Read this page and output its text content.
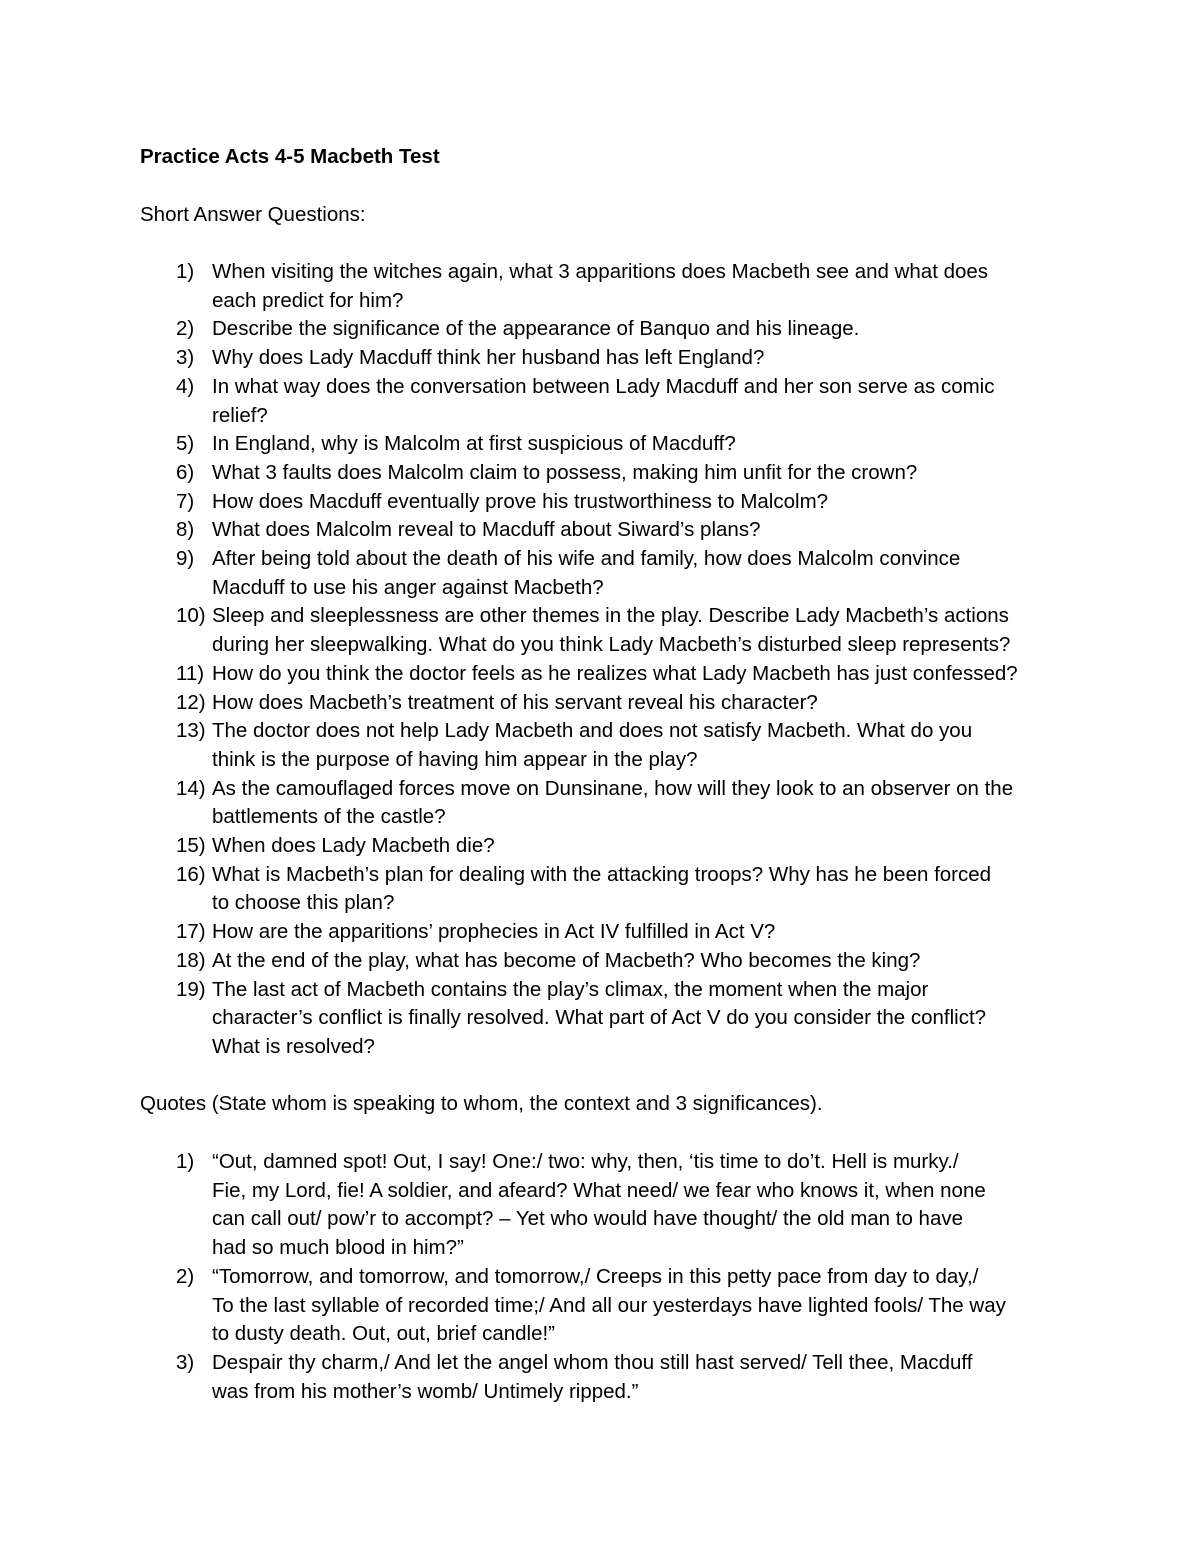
Practice Acts 4-5 Macbeth Test
Short Answer Questions:
1) When visiting the witches again, what 3 apparitions does Macbeth see and what does
each predict for him?
2) Describe the significance of the appearance of Banquo and his lineage.
3) Why does Lady Macduff think her husband has left England?
4) In what way does the conversation between Lady Macduff and her son serve as comic
relief?
5) In England, why is Malcolm at first suspicious of Macduff?
6) What 3 faults does Malcolm claim to possess, making him unfit for the crown?
7) How does Macduff eventually prove his trustworthiness to Malcolm?
8) What does Malcolm reveal to Macduff about Siward’s plans?
9) After being told about the death of his wife and family, how does Malcolm convince
Macduff to use his anger against Macbeth?
10) Sleep and sleeplessness are other themes in the play. Describe Lady Macbeth’s actions
during her sleepwalking. What do you think Lady Macbeth’s disturbed sleep represents?
11) How do you think the doctor feels as he realizes what Lady Macbeth has just confessed?
12) How does Macbeth’s treatment of his servant reveal his character?
13) The doctor does not help Lady Macbeth and does not satisfy Macbeth. What do you
think is the purpose of having him appear in the play?
14) As the camouflaged forces move on Dunsinane, how will they look to an observer on the
battlements of the castle?
15) When does Lady Macbeth die?
16) What is Macbeth’s plan for dealing with the attacking troops? Why has he been forced
to choose this plan?
17) How are the apparitions’ prophecies in Act IV fulfilled in Act V?
18) At the end of the play, what has become of Macbeth? Who becomes the king?
19) The last act of Macbeth contains the play’s climax, the moment when the major
character’s conflict is finally resolved. What part of Act V do you consider the conflict?
What is resolved?
Quotes (State whom is speaking to whom, the context and 3 significances).
1) “Out, damned spot! Out, I say! One:/ two: why, then, ‘tis time to do’t. Hell is murky./
Fie, my Lord, fie! A soldier, and afeard? What need/ we fear who knows it, when none
can call out/ pow’r to accompt? – Yet who would have thought/ the old man to have
had so much blood in him?”
2) “Tomorrow, and tomorrow, and tomorrow,/ Creeps in this petty pace from day to day,/
To the last syllable of recorded time;/ And all our yesterdays have lighted fools/ The way
to dusty death. Out, out, brief candle!”
3) Despair thy charm,/ And let the angel whom thou still hast served/ Tell thee, Macduff
was from his mother’s womb/ Untimely ripped.”
